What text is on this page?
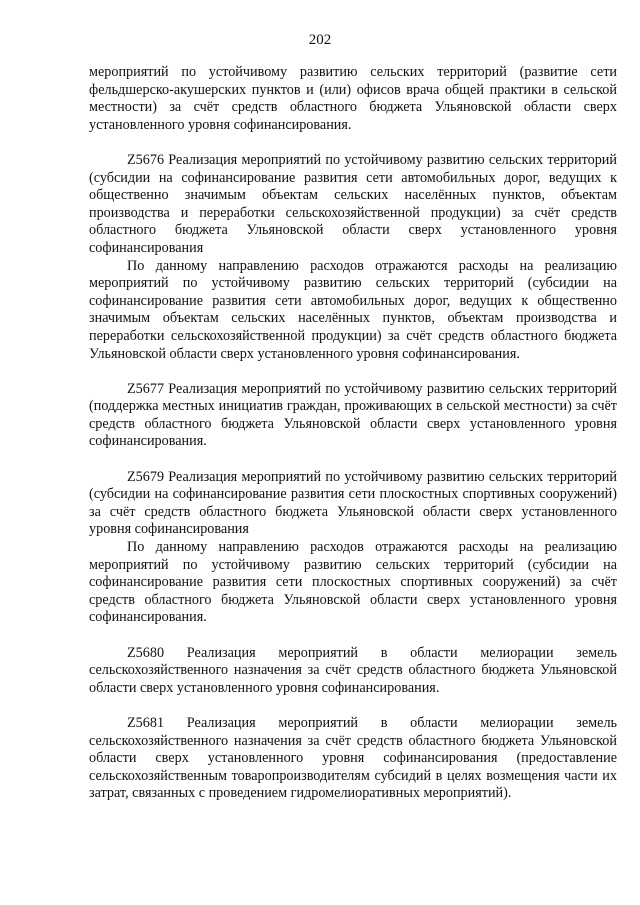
202

мероприятий по устойчивому развитию сельских территорий (развитие сети фельдшерско-акушерских пунктов и (или) офисов врача общей практики в сельской местности) за счёт средств областного бюджета Ульяновской области сверх установленного уровня софинансирования.

Z5676 Реализация мероприятий по устойчивому развитию сельских территорий (субсидии на софинансирование развития сети автомобильных дорог, ведущих к общественно значимым объектам сельских населённых пунктов, объектам производства и переработки сельскохозяйственной продукции) за счёт средств областного бюджета Ульяновской области сверх установленного уровня софинансирования

По данному направлению расходов отражаются расходы на реализацию мероприятий по устойчивому развитию сельских территорий (субсидии на софинансирование развития сети автомобильных дорог, ведущих к общественно значимым объектам сельских населённых пунктов, объектам производства и переработки сельскохозяйственной продукции) за счёт средств областного бюджета Ульяновской области сверх установленного уровня софинансирования.

Z5677 Реализация мероприятий по устойчивому развитию сельских территорий (поддержка местных инициатив граждан, проживающих в сельской местности) за счёт средств областного бюджета Ульяновской области сверх установленного уровня софинансирования.

Z5679 Реализация мероприятий по устойчивому развитию сельских территорий (субсидии на софинансирование развития сети плоскостных спортивных сооружений) за счёт средств областного бюджета Ульяновской области сверх установленного уровня софинансирования

По данному направлению расходов отражаются расходы на реализацию мероприятий по устойчивому развитию сельских территорий (субсидии на софинансирование развития сети плоскостных спортивных сооружений) за счёт средств областного бюджета Ульяновской области сверх установленного уровня софинансирования.

Z5680 Реализация мероприятий в области мелиорации земель сельскохозяйственного назначения за счёт средств областного бюджета Ульяновской области сверх установленного уровня софинансирования.

Z5681 Реализация мероприятий в области мелиорации земель сельскохозяйственного назначения за счёт средств областного бюджета Ульяновской области сверх установленного уровня софинансирования (предоставление сельскохозяйственным товаропроизводителям субсидий в целях возмещения части их затрат, связанных с проведением гидромелиоративных мероприятий).
